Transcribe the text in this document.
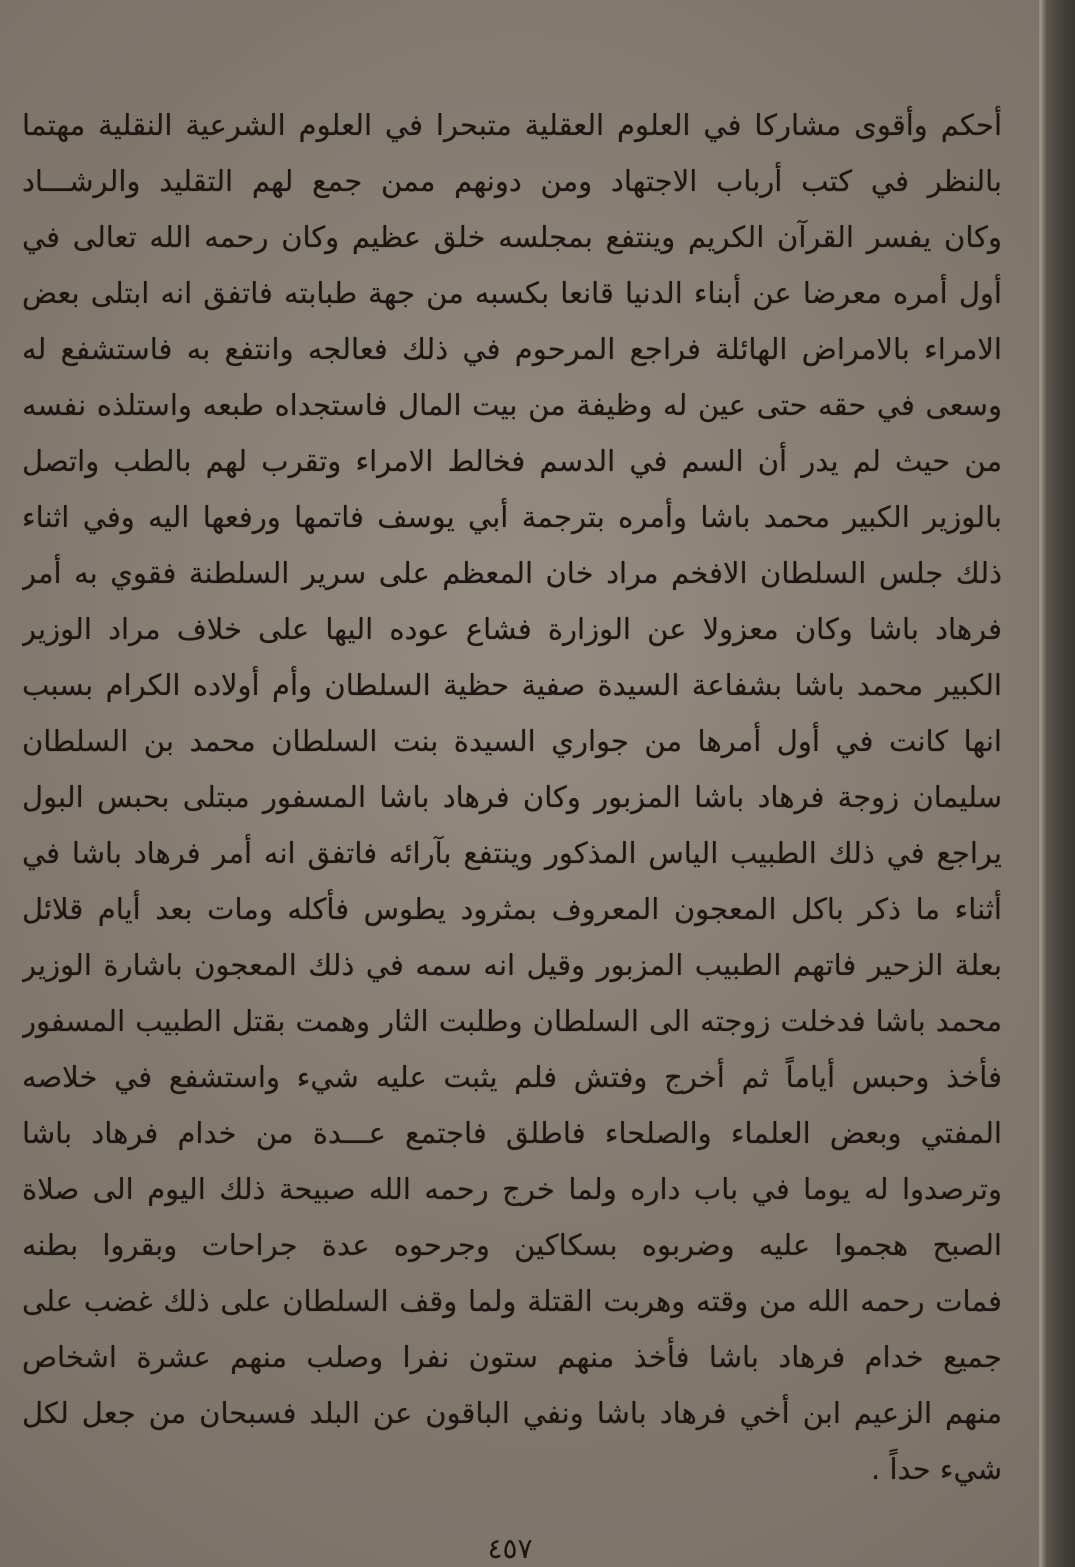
أحكم وأقوى مشاركا في العلوم العقلية متبحرا في العلوم الشرعية النقلية مهتما
بالنظر في كتب أرباب الاجتهاد ومن دونهم ممن جمع لهم التقليد والرشـــاد
وكان يفسر القرآن الكريم وينتفع بمجلسه خلق عظيم وكان رحمه الله تعالى في
أول أمره معرضا عن أبناء الدنيا قانعا بكسبه من جهة طبابته فاتفق انه ابتلى بعض
الامراء بالامراض الهائلة فراجع المرحوم في ذلك فعالجه وانتفع به فاستشفع له
وسعى في حقه حتى عين له وظيفة من بيت المال فاستجداه طبعه واستلذه نفسه
من حيث لم يدر أن السم في الدسم فخالط الامراء وتقرب لهم بالطب واتصل
بالوزير الكبير محمد باشا وأمره بترجمة أبي يوسف فاتمها ورفعها اليه وفي اثناء
ذلك جلس السلطان الافخم مراد خان المعظم على سرير السلطنة فقوي به أمر
فرهاد باشا وكان معزولا عن الوزارة فشاع عوده اليها على خلاف مراد الوزير
الكبير محمد باشا بشفاعة السيدة صفية حظية السلطان وأم أولاده الكرام بسبب
انها كانت في أول أمرها من جواري السيدة بنت السلطان محمد بن السلطان
سليمان زوجة فرهاد باشا المزبور وكان فرهاد باشا المسفور مبتلى بحبس البول
يراجع في ذلك الطبيب الياس المذكور وينتفع بآرائه فاتفق انه أمر فرهاد باشا في
أثناء ما ذكر باكل المعجون المعروف بمثرود يطوس فأكله ومات بعد أيام قلائل
بعلة الزحير فاتهم الطبيب المزبور وقيل انه سمه في ذلك المعجون باشارة الوزير
محمد باشا فدخلت زوجته الى السلطان وطلبت الثار وهمت بقتل الطبيب المسفور
فأخذ وحبس أياماً ثم أخرج وفتش فلم يثبت عليه شيء واستشفع في خلاصه
المفتي وبعض العلماء والصلحاء فاطلق فاجتمع عـــدة من خدام فرهاد باشا
وترصدوا له يوما في باب داره ولما خرج رحمه الله صبيحة ذلك اليوم الى صلاة
الصبح هجموا عليه وضربوه بسكاكين وجرحوه عدة جراحات وبقروا بطنه
فمات رحمه الله من وقته وهربت القتلة ولما وقف السلطان على ذلك غضب على
جميع خدام فرهاد باشا فأخذ منهم ستون نفرا وصلب منهم عشرة اشخاص
منهم الزعيم ابن أخي فرهاد باشا ونفي الباقون عن البلد فسبحان من جعل لكل
شيء حداً .
٤٥٧
